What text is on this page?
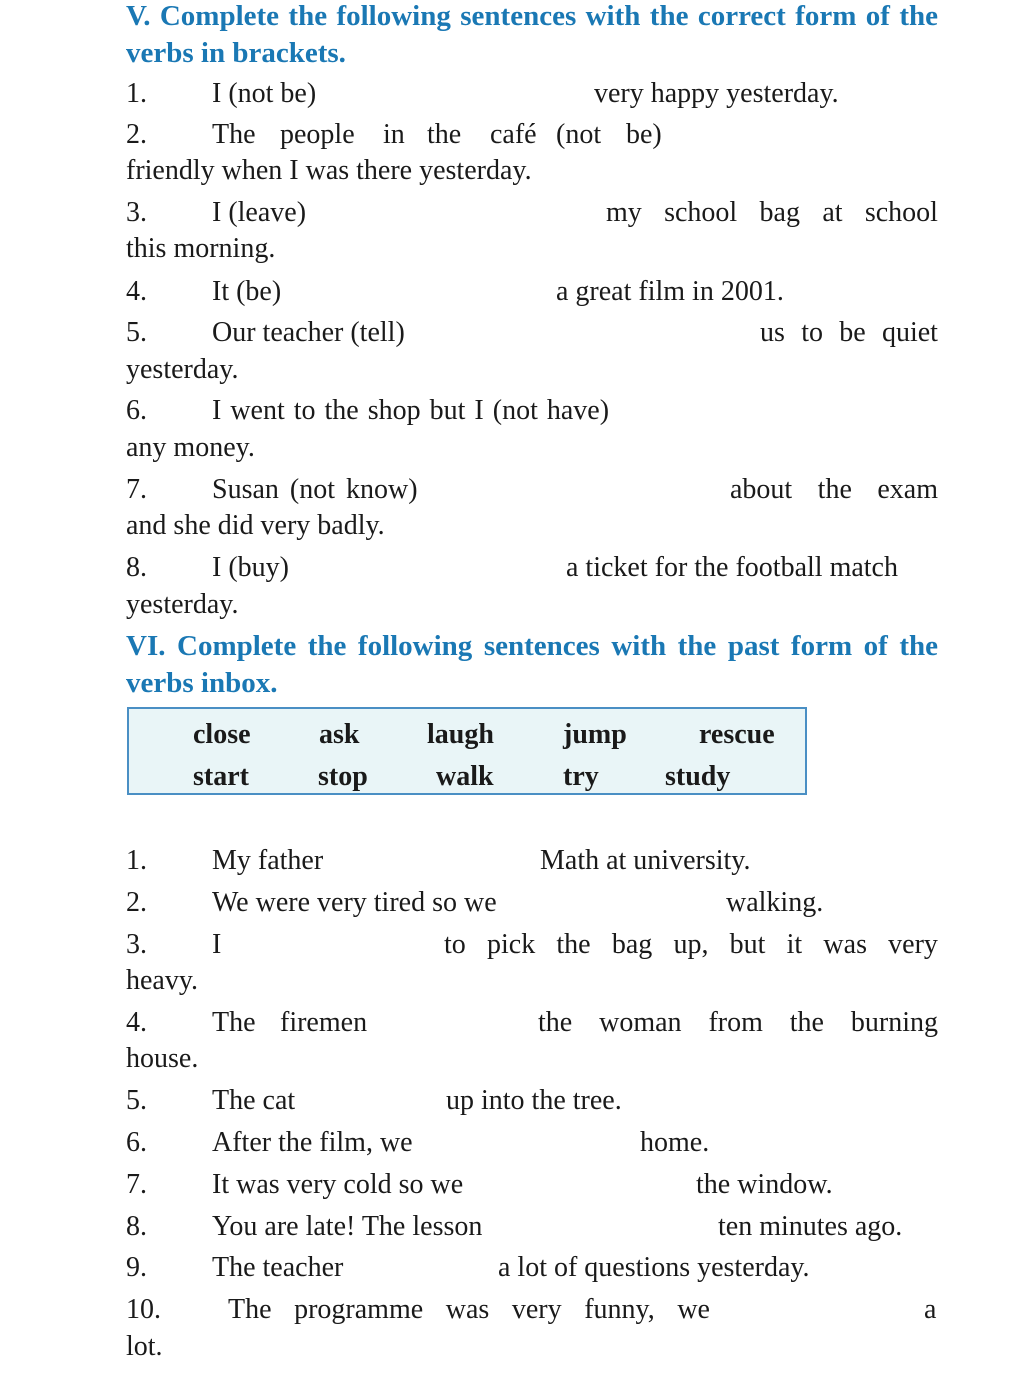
V. Complete the following sentences with the correct form of the verbs in brackets.
1. I (not be)	very happy yesterday.
2. The people in the café (not be)
friendly when I was there yesterday.
3. I (leave)	my school bag at school
this morning.
4. It (be)	a great film in 2001.
5. Our teacher (tell)	us to be quiet
yesterday.
6. I went to the shop but I (not have)
any money.
7. Susan (not know)	about the exam
and she did very badly.
8. I (buy)	a ticket for the football match
yesterday.
VI. Complete the following sentences with the past form of the verbs inbox.
close ask laugh jump	rescue
start stop walk try study
1. My father	Math at university.
2. We were very tired so we	walking.
3. I	to pick the bag up, but it was very
heavy.
4. The firemen	the woman from the burning
house.
5. The cat	up into the tree.
6. After the film, we	home.
7. It was very cold so we	the window.
8. You are late! The lesson	ten minutes ago.
9. The teacher	a lot of questions yesterday.
10. The programme was very funny, we	a
lot.
